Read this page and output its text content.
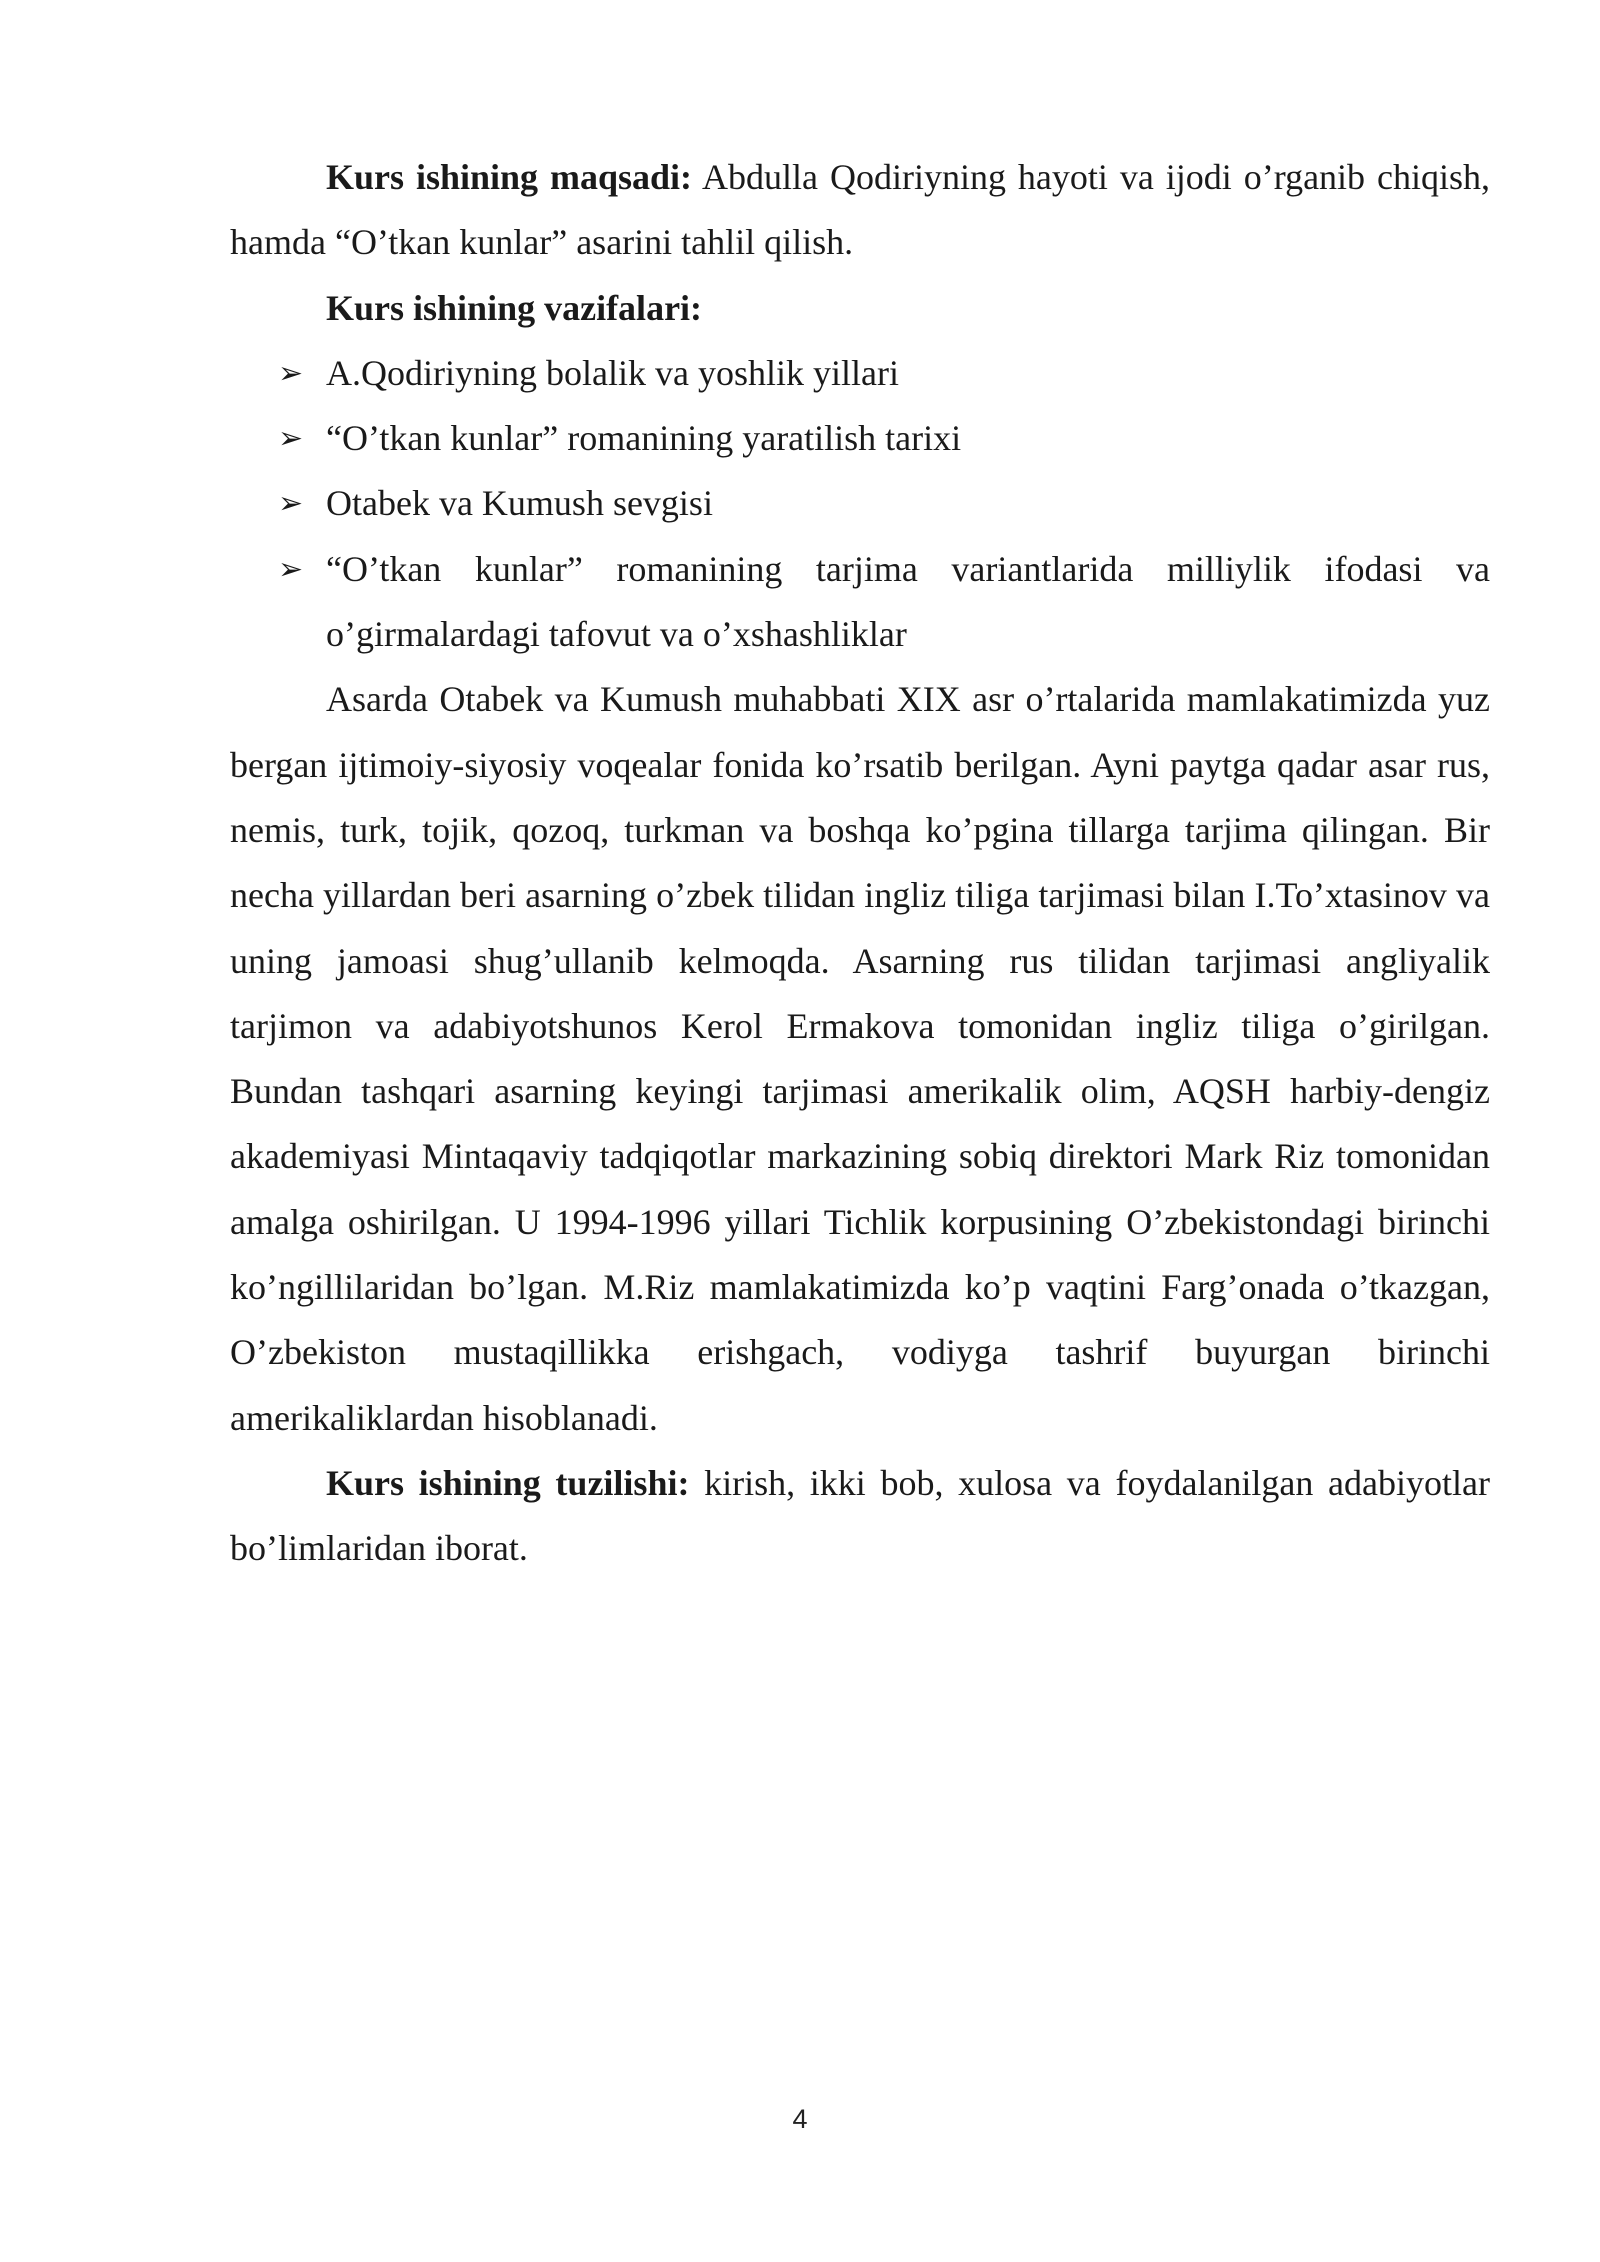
Kurs ishining maqsadi: Abdulla Qodiriyning hayoti va ijodi o’rganib chiqish, hamda “O’tkan kunlar” asarini tahlil qilish.

Kurs ishining vazifalari:

➢ A.Qodiriyning bolalik va yoshlik yillari
➢ “O’tkan kunlar” romanining yaratilish tarixi
➢ Otabek va Kumush sevgisi
➢ “O’tkan kunlar” romanining tarjima variantlarida milliylik ifodasi va o’girmalardagi tafovut va o’xshashliklar

Asarda Otabek va Kumush muhabbati XIX asr o’rtalarida mamlakatimizda yuz bergan ijtimoiy-siyosiy voqealar fonida ko’rsatib berilgan. Ayni paytga qadar asar rus, nemis, turk, tojik, qozoq, turkman va boshqa ko’pgina tillarga tarjima qilingan. Bir necha yillardan beri asarning o’zbek tilidan ingliz tiliga tarjimasi bilan I.To’xtasinov va uning jamoasi shug’ullanib kelmoqda. Asarning rus tilidan tarjimasi angliyalik tarjimon va adabiyotshunos Kerol Ermakova tomonidan ingliz tiliga o’girilgan. Bundan tashqari asarning keyingi tarjimasi amerikalik olim, AQSH harbiy-dengiz akademiyasi Mintaqaviy tadqiqotlar markazining sobiq direktori Mark Riz tomonidan amalga oshirilgan. U 1994-1996 yillari Tichlik korpusining O’zbekistondagi birinchi ko’ngillilaridan bo’lgan. M.Riz mamlakatimizda ko’p vaqtini Farg’onada o’tkazgan, O’zbekiston mustaqillikka erishgach, vodiyga tashrif buyurgan birinchi amerikaliklardan hisoblanadi.

Kurs ishining tuzilishi: kirish, ikki bob, xulosa va foydalanilgan adabiyotlar bo’limlaridan iborat.

4
